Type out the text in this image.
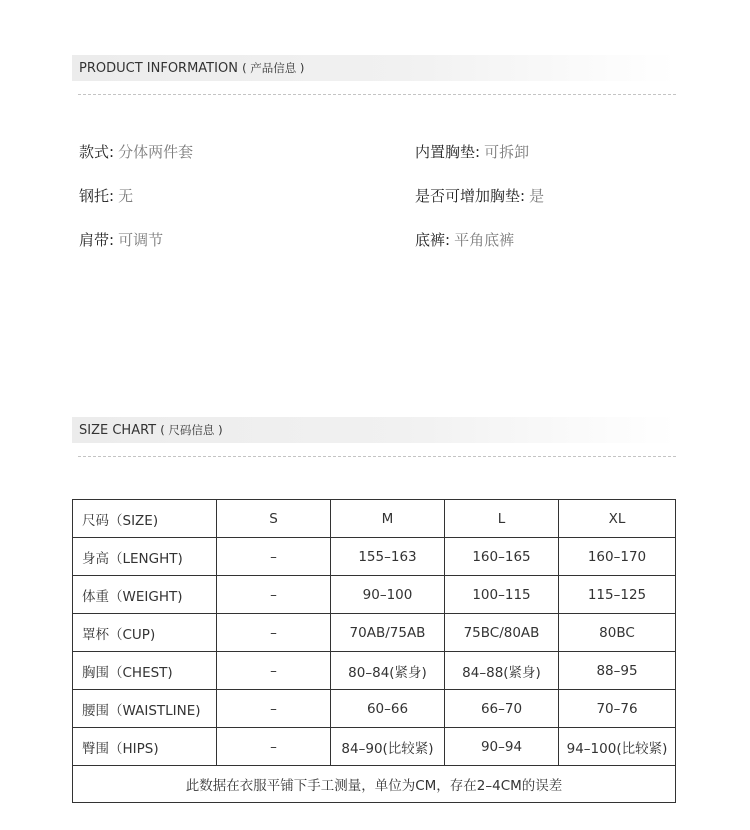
PRODUCT INFORMATION ( 产品信息 )
款式: 分体两件套	内置胸垫: 可拆卸
钢托: 无	是否可增加胸垫: 是
肩带: 可调节	底裤: 平角底裤
SIZE CHART ( 尺码信息 )
尺码（SIZE)	S	M	L	XL
身高（LENGHT)	–	155–163	160–165	160–170
体重（WEIGHT)	–	90–100	100–115	115–125
罩杯（CUP)	–	70AB/75AB	75BC/80AB	80BC
胸围（CHEST)	–	80–84(紧身)	84–88(紧身)	88–95
腰围（WAISTLINE)	–	60–66	66–70	70–76
臀围（HIPS)	–	84–90(比较紧)	90–94	94–100(比较紧)
此数据在衣服平铺下手工测量，单位为CM，存在2–4CM的误差				
